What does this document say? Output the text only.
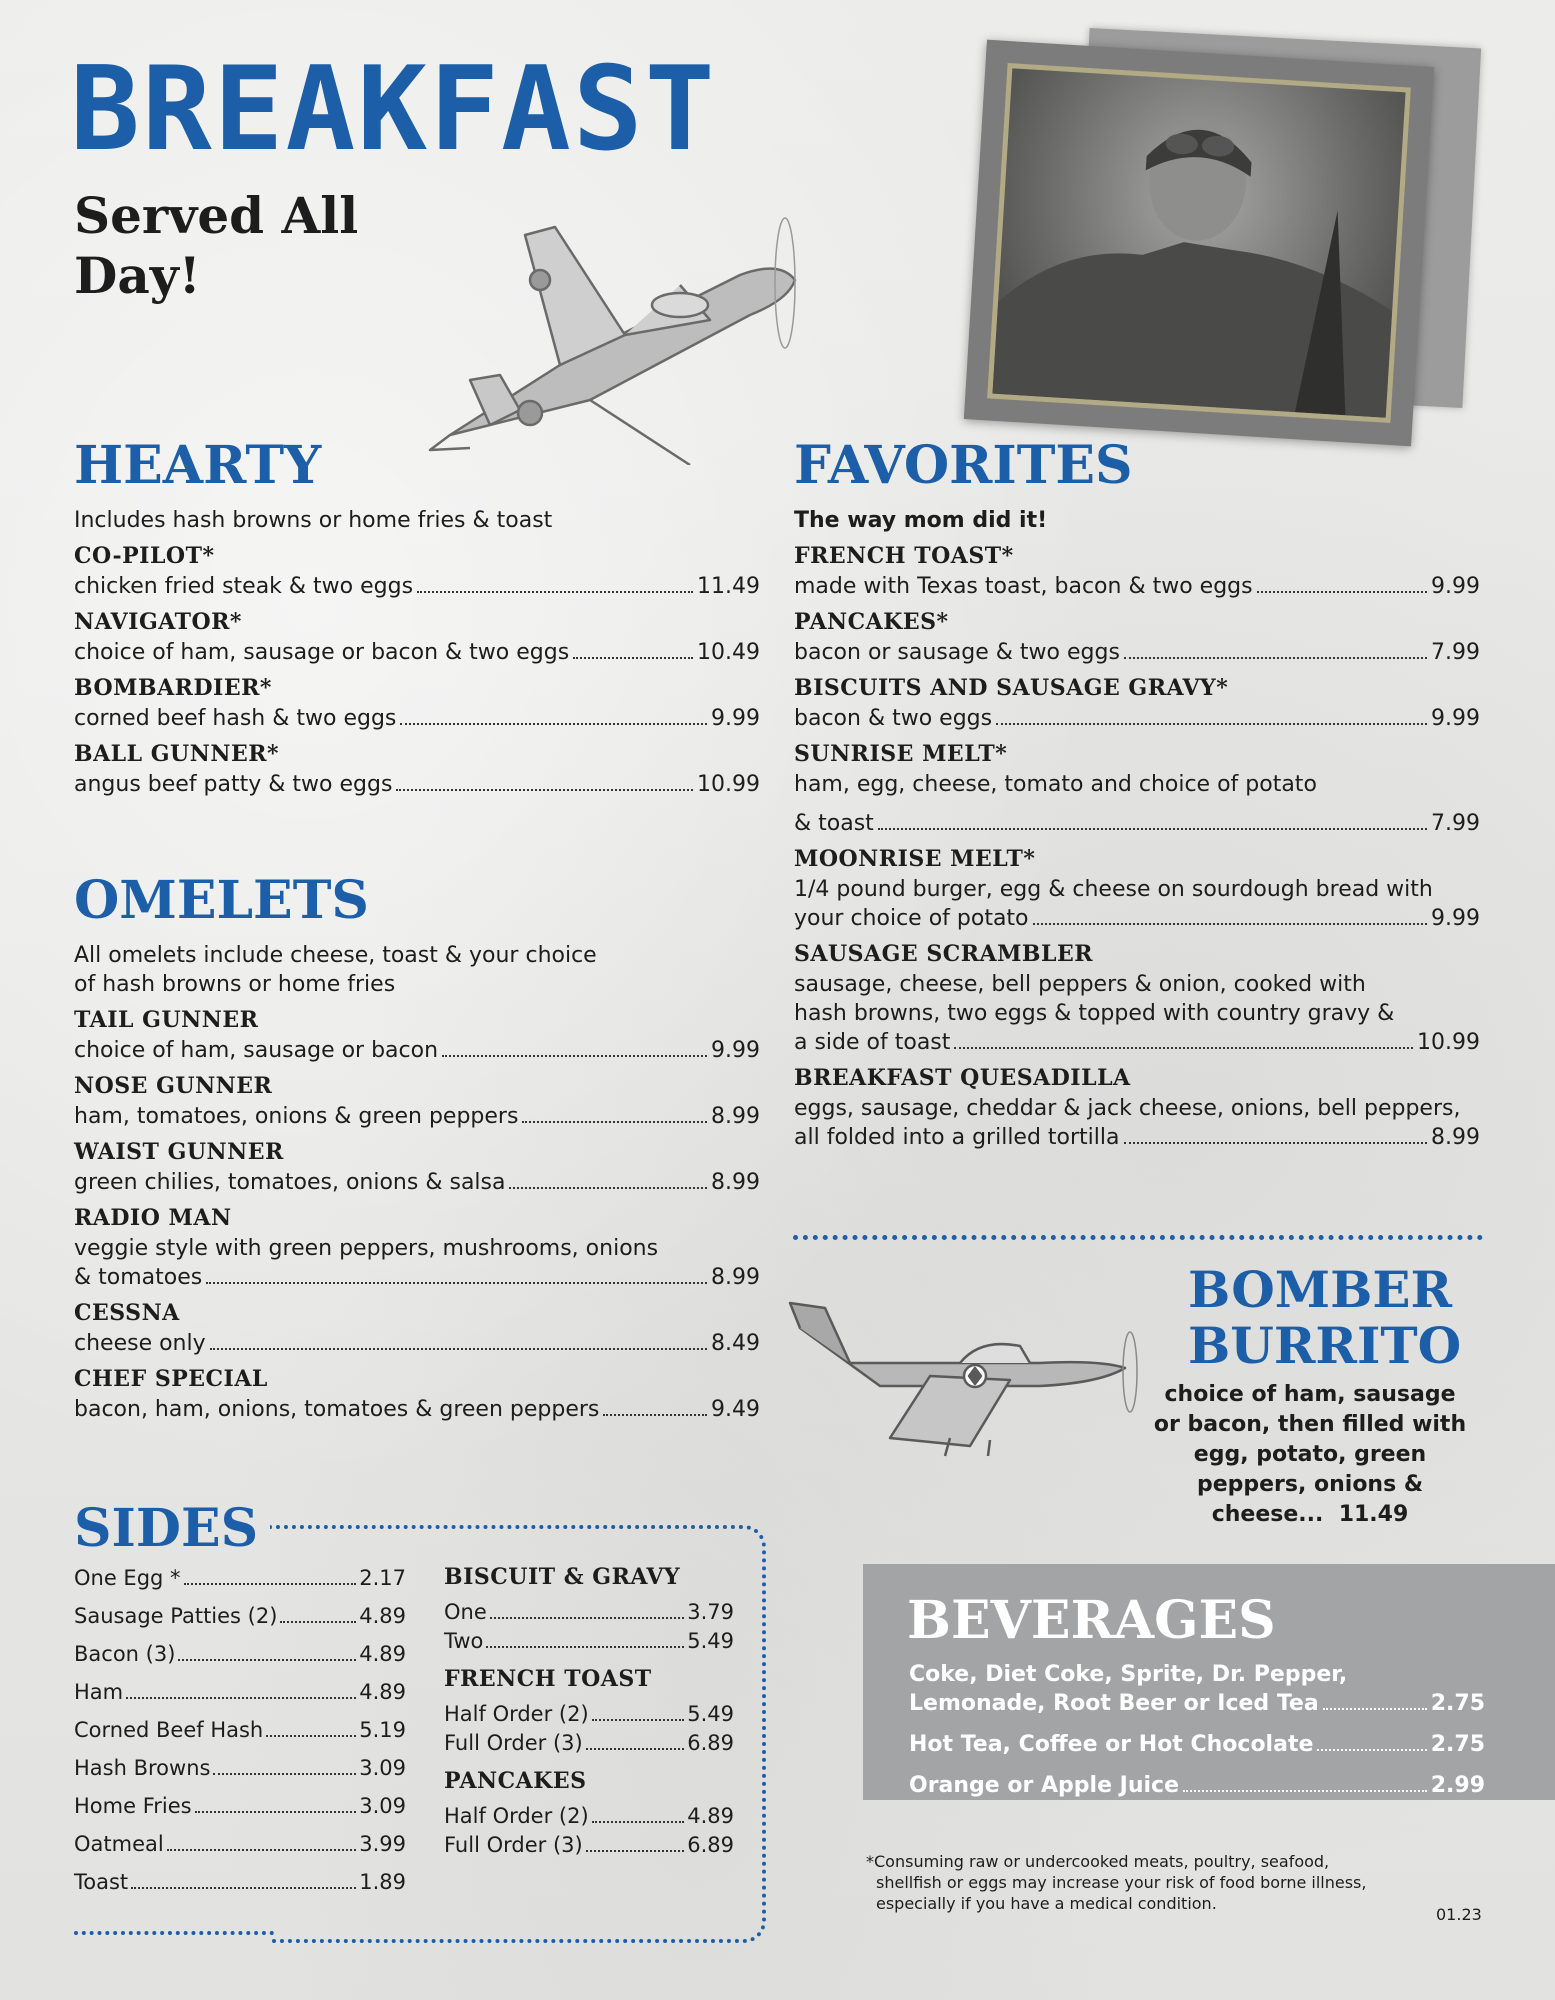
BREAKFAST
Served All Day!
HEARTY
Includes hash browns or home fries & toast
CO-PILOT*
chicken fried steak & two eggs	11.49
NAVIGATOR*
choice of ham, sausage or bacon & two eggs	10.49
BOMBARDIER*
corned beef hash & two eggs	9.99
BALL GUNNER*
angus beef patty & two eggs	10.99
OMELETS
All omelets include cheese, toast & your choice
of hash browns or home fries
TAIL GUNNER
choice of ham, sausage or bacon	9.99
NOSE GUNNER
ham, tomatoes, onions & green peppers	8.99
WAIST GUNNER
green chilies, tomatoes, onions & salsa	8.99
RADIO MAN
veggie style with green peppers, mushrooms, onions
& tomatoes	8.99
CESSNA
cheese only	8.49
CHEF SPECIAL
bacon, ham, onions, tomatoes & green peppers	9.49
FAVORITES
The way mom did it!
FRENCH TOAST*
made with Texas toast, bacon & two eggs	9.99
PANCAKES*
bacon or sausage & two eggs	7.99
BISCUITS AND SAUSAGE GRAVY*
bacon & two eggs	9.99
SUNRISE MELT*
ham, egg, cheese, tomato and choice of potato
& toast	7.99
MOONRISE MELT*
1/4 pound burger, egg & cheese on sourdough bread with
your choice of potato	9.99
SAUSAGE SCRAMBLER
sausage, cheese, bell peppers & onion, cooked with
hash browns, two eggs & topped with country gravy &
a side of toast	10.99
BREAKFAST QUESADILLA
eggs, sausage, cheddar & jack cheese, onions, bell peppers,
all folded into a grilled tortilla	8.99
BOMBER
BURRITO
choice of ham, sausage or bacon, then filled with egg, potato, green peppers, onions & cheese... 11.49
SIDES
One Egg *	2.17
Sausage Patties (2)	4.89
Bacon (3)	4.89
Ham	4.89
Corned Beef Hash	5.19
Hash Browns	3.09
Home Fries	3.09
Oatmeal	3.99
Toast	1.89
BISCUIT & GRAVY
One	3.79
Two	5.49
FRENCH TOAST
Half Order (2)	5.49
Full Order (3)	6.89
PANCAKES
Half Order (2)	4.89
Full Order (3)	6.89
BEVERAGES
Coke, Diet Coke, Sprite, Dr. Pepper,
Lemonade, Root Beer or Iced Tea	2.75
Hot Tea, Coffee or Hot Chocolate	2.75
Orange or Apple Juice	2.99
*Consuming raw or undercooked meats, poultry, seafood,
shellfish or eggs may increase your risk of food borne illness,
especially if you have a medical condition.
01.23
